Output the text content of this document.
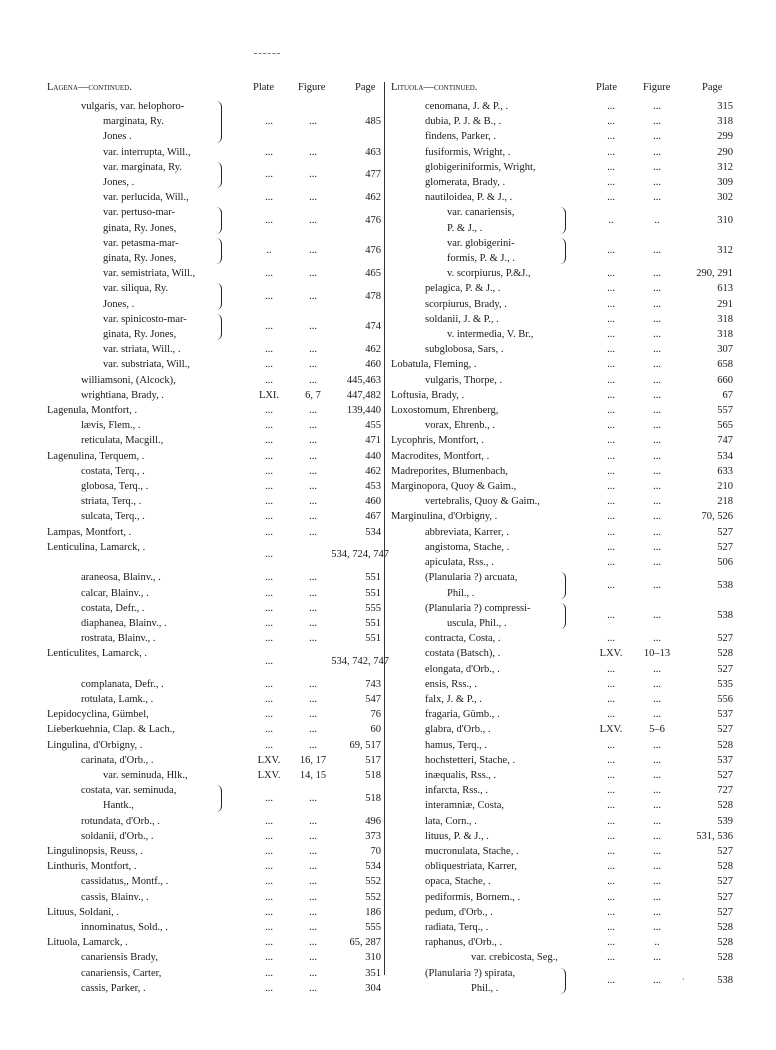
Lagena—continued.	Plate Figure	Page
vulgaris, var. helophoro-
marginata, Ry.
Jones .
...	...	485
var. interrupta, Will.,	...	...	463
var. marginata, Ry.
Jones, .
...	...	477
var. perlucida, Will.,	...	...	462
var. pertuso-mar-
ginata, Ry. Jones,
...	...	476
var. petasma-mar-
ginata, Ry. Jones,
..	...	476
var. semistriata, Will.,	...	...	465
var. siliqua, Ry.
Jones, .
...	...	478
var. spinicosto-mar-
ginata, Ry. Jones,
...	...	474
var. striata, Will., .	...	...	462
var. substriata, Will.,	...	...	460
williamsoni, (Alcock),	...	...	445,463
wrightiana, Brady, .	LXI.	6, 7	447,482
Lagenula, Montfort, .	...	...	139,440
lævis, Flem., .	...	...	455
reticulata, Macgill.,	...	...	471
Lagenulina, Terquem, .	...	...	440
costata, Terq., .	...	...	462
globosa, Terq., .	...	...	453
striata, Terq., .	...	...	460
sulcata, Terq., .	...	...	467
Lampas, Montfort, .	...	...	534
Lenticulina, Lamarck, .

...	534, 724, 747
araneosa, Blainv., .	...	...	551
calcar, Blainv., .	...	...	551
costata, Defr., .	...	...	555
diaphanea, Blainv., .	...	...	551
rostrata, Blainv., .	...	...	551
Lenticulites, Lamarck, .

...	534, 742, 747
complanata, Defr., .	...	...	743
rotulata, Lamk., .	...	...	547
Lepidocyclina, Gümbel,	...	...	76
Lieberkuehnia, Clap. & Lach.,	...	...	60
Lingulina, d'Orbigny, .	...	...	69, 517
carinata, d'Orb., .	LXV.	16, 17	517
var. seminuda, Hlk.,	LXV.	14, 15	518
costata, var. seminuda,
Hantk.,
...	...	518
rotundata, d'Orb., .	...	...	496
soldanii, d'Orb., .	...	...	373
Lingulinopsis, Reuss, .	...	...	70
Linthuris, Montfort, .	...	...	534
cassidatus,, Montf., .	...	...	552
cassis, Blainv., .	...	...	552
Lituus, Soldani, .	...	...	186
innominatus, Sold., .	...	...	555
Lituola, Lamarck, .	...	...	65, 287
canariensis Brady,	...	...	310
canariensis, Carter,	...	...	351
cassis, Parker, .	...	...	304
Lituola—continued.	Plate Figure	Page
cenomana, J. & P., .	...	...	315
dubia, P. J. & B., .	...	...	318
findens, Parker, .	...	...	299
fusiformis, Wright, .	...	...	290
globigeriniformis, Wright,	...	...	312
glomerata, Brady, .	...	...	309
nautiloidea, P. & J., .	...	...	302
var. canariensis,
P. & J., .
..	..	310
var. globigerini-
formis, P. & J., .
...	...	312
v. scorpiurus, P.&J.,	...	...	290, 291
pelagica, P. & J., .	...	...	613
scorpiurus, Brady, .	...	...	291
soldanii, J. & P., .	...	...	318
v. intermedia, V. Br.,	...	...	318
subglobosa, Sars, .	...	...	307
Lobatula, Fleming, .	...	...	658
vulgaris, Thorpe, .	...	...	660
Loftusia, Brady, .	...	...	67
Loxostomum, Ehrenberg,	...	...	557
vorax, Ehrenb., .	...	...	565
Lycophris, Montfort, .	...	...	747
Macrodites, Montfort, .	...	...	534
Madreporites, Blumenbach,	...	...	633
Marginopora, Quoy & Gaim.,	...	...	210
vertebralis, Quoy & Gaim.,	...	...	218
Marginulina, d'Orbigny, .	...	...	70, 526
abbreviata, Karrer, .	...	...	527
angistoma, Stache, .	...	...	527
apiculata, Rss., .	...	...	506
(Planularia ?) arcuata,
Phil., .
...	...	538
(Planularia ?) compressi-
uscula, Phil., .
...	...	538
contracta, Costa, .	...	...	527
costata (Batsch), .	LXV.	10–13	528
elongata, d'Orb., .	...	...	527
ensis, Rss., .	...	...	535
falx, J. & P., .	...	...	556
fragaria, Gümb., .	...	...	537
glabra, d'Orb., .	LXV.	5–6	527
hamus, Terq., .	...	...	528
hochstetteri, Stache, .	...	...	537
inæqualis, Rss., .	...	...	527
infarcta, Rss., .	...	...	727
interamniæ, Costa,	...	...	528
lata, Corn., .	...	...	539
lituus, P. & J., .	...	...	531, 536
mucronulata, Stache, .	...	...	527
obliquestriata, Karrer,	...	...	528
opaca, Stache, .	...	...	527
pediformis, Bornem., .	...	...	527
pedum, d'Orb., .	...	...	527
radiata, Terq., .	...	...	528
raphanus, d'Orb., .	...	..	528
var. crebicosta, Seg.,	...	...	528
(Planularia ?) spirata,
Phil., .
...	...	538
·
